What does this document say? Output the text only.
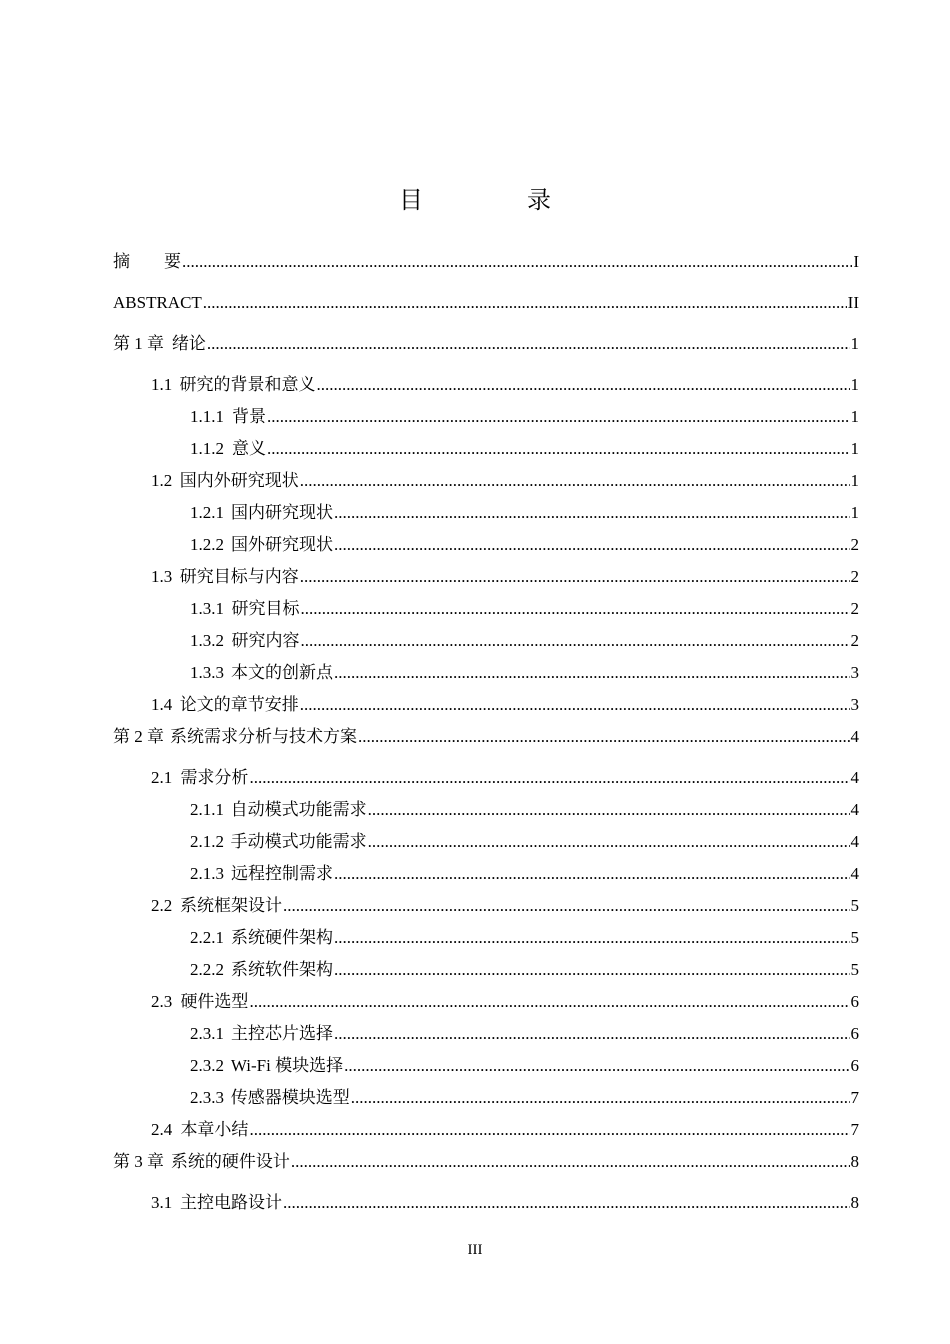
目　录
摘　　要 .....	I
ABSTRACT .....	II
第 1 章 绪论 .....	1
1.1 研究的背景和意义 .....	1
1.1.1 背景 .....	1
1.1.2 意义 .....	1
1.2 国内外研究现状 .....	1
1.2.1 国内研究现状 .....	1
1.2.2 国外研究现状 .....	2
1.3 研究目标与内容 .....	2
1.3.1 研究目标 .....	2
1.3.2 研究内容 .....	2
1.3.3 本文的创新点 .....	3
1.4 论文的章节安排 .....	3
第 2 章 系统需求分析与技术方案 .....	4
2.1 需求分析 .....	4
2.1.1 自动模式功能需求 .....	4
2.1.2 手动模式功能需求 .....	4
2.1.3 远程控制需求 .....	4
2.2 系统框架设计 .....	5
2.2.1 系统硬件架构 .....	5
2.2.2 系统软件架构 .....	5
2.3 硬件选型 .....	6
2.3.1 主控芯片选择 .....	6
2.3.2 Wi-Fi 模块选择 .....	6
2.3.3 传感器模块选型 .....	7
2.4 本章小结 .....	7
第 3 章 系统的硬件设计 .....	8
3.1 主控电路设计 .....	8
III
